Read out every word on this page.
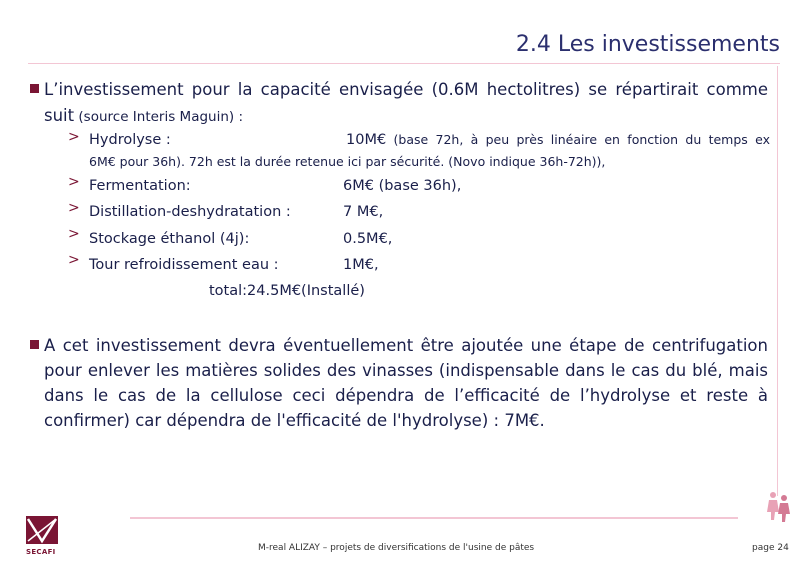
2.4 Les investissements
L’investissement pour la capacité envisagée (0.6M hectolitres) se répartirait comme
suit (source Interis Maguin) :
> Hydrolyse :	10M€ (base 72h, à peu près linéaire en fonction du temps ex
6M€ pour 36h). 72h est la durée retenue ici par sécurité. (Novo indique 36h-72h)),
> Fermentation:	6M€ (base 36h),
> Distillation-deshydratation :	7 M€,
> Stockage éthanol (4j):	0.5M€,
> Tour refroidissement eau :	1M€,
total:24.5M€(Installé)
A cet investissement devra éventuellement être ajoutée une étape de centrifugation
pour enlever les matières solides des vinasses (indispensable dans le cas du blé, mais
dans le cas de la cellulose ceci dépendra de l’efficacité de l’hydrolyse et reste à
confirmer) car dépendra de l'efficacité de l'hydrolyse) : 7M€.
SECAFI	M-real ALIZAY – projets de diversifications de l'usine de pâtes	page 24
